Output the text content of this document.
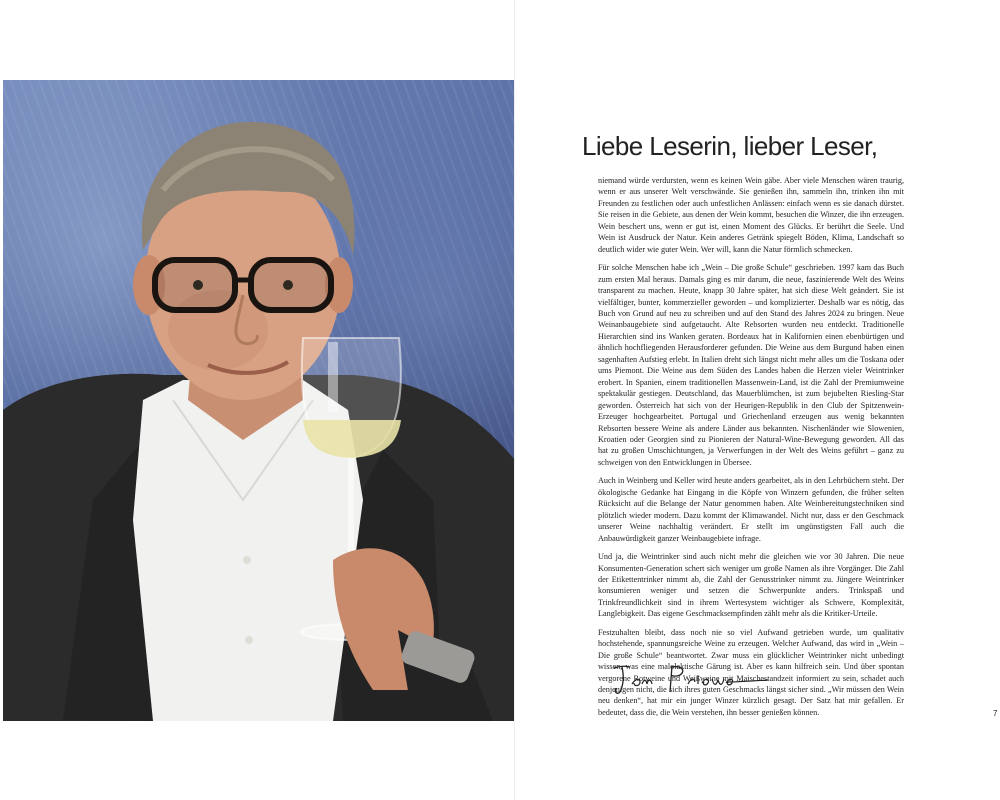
Liebe Leserin, lieber Leser,

niemand würde verdursten, wenn es keinen Wein gäbe. Aber viele Menschen wären traurig, wenn er aus unserer Welt verschwände. Sie genießen ihn, sammeln ihn, trinken ihn mit Freunden zu festlichen oder auch unfestlichen Anlässen: einfach wenn es sie danach dürstet. Sie reisen in die Gebiete, aus denen der Wein kommt, besuchen die Winzer, die ihn erzeugen. Wein beschert uns, wenn er gut ist, einen Moment des Glücks. Er berührt die Seele. Und Wein ist Ausdruck der Natur. Kein anderes Getränk spiegelt Böden, Klima, Landschaft so deutlich wider wie guter Wein. Wer will, kann die Natur förmlich schmecken.

Für solche Menschen habe ich „Wein – Die große Schule“ geschrieben. 1997 kam das Buch zum ersten Mal heraus. Damals ging es mir darum, die neue, faszinierende Welt des Weins transparent zu machen. Heute, knapp 30 Jahre später, hat sich diese Welt geändert. Sie ist vielfältiger, bunter, kommerzieller geworden – und komplizierter. Deshalb war es nötig, das Buch von Grund auf neu zu schreiben und auf den Stand des Jahres 2024 zu bringen. Neue Weinanbaugebiete sind aufgetaucht. Alte Rebsorten wurden neu entdeckt. Traditionelle Hierarchien sind ins Wanken geraten. Bordeaux hat in Kalifornien einen ebenbürtigen und ähnlich hochfliegenden Herausforderer gefunden. Die Weine aus dem Burgund haben einen sagenhaften Aufstieg erlebt. In Italien dreht sich längst nicht mehr alles um die Toskana oder ums Piemont. Die Weine aus dem Süden des Landes haben die Herzen vieler Weintrinker erobert. In Spanien, einem traditionellen Massenwein-Land, ist die Zahl der Premiumweine spektakulär gestiegen. Deutschland, das Mauerblümchen, ist zum bejubelten Riesling-Star geworden. Österreich hat sich von der Heurigen-Republik in den Club der Spitzenwein-Erzeuger hochgearbeitet. Portugal und Griechenland erzeugen aus wenig bekannten Rebsorten bessere Weine als andere Länder aus bekannten. Nischenländer wie Slowenien, Kroatien oder Georgien sind zu Pionieren der Natural-Wine-Bewegung geworden. All das hat zu großen Umschichtungen, ja Verwerfungen in der Welt des Weins geführt – ganz zu schweigen von den Entwicklungen in Übersee.

Auch in Weinberg und Keller wird heute anders gearbeitet, als in den Lehrbüchern steht. Der ökologische Gedanke hat Eingang in die Köpfe von Winzern gefunden, die früher selten Rücksicht auf die Belange der Natur genommen haben. Alte Weinbereitungstechniken sind plötzlich wieder modern. Dazu kommt der Klimawandel. Nicht nur, dass er den Geschmack unserer Weine nachhaltig verändert. Er stellt im ungünstigsten Fall auch die Anbauwürdigkeit ganzer Weinbaugebiete infrage.

Und ja, die Weintrinker sind auch nicht mehr die gleichen wie vor 30 Jahren. Die neue Konsumenten-Generation schert sich weniger um große Namen als ihre Vorgänger. Die Zahl der Etikettentrinker nimmt ab, die Zahl der Genusstrinker nimmt zu. Jüngere Weintrinker konsumieren weniger und setzen die Schwerpunkte anders. Trinkspaß und Trinkfreundlichkeit sind in ihrem Wertesystem wichtiger als Schwere, Komplexität, Langlebigkeit. Das eigene Geschmacksempfinden zählt mehr als die Kritiker-Urteile.

Festzuhalten bleibt, dass noch nie so viel Aufwand getrieben wurde, um qualitativ hochstehende, spannungsreiche Weine zu erzeugen. Welcher Aufwand, das wird in „Wein – Die große Schule“ beantwortet. Zwar muss ein glücklicher Weintrinker nicht unbedingt wissen, was eine malolaktische Gärung ist. Aber es kann hilfreich sein. Und über spontan vergorene Rotweine und Weißweine mit Maischestandzeit informiert zu sein, schadet auch denjenigen nicht, die sich ihres guten Geschmacks längst sicher sind. „Wir müssen den Wein neu denken“, hat mir ein junger Winzer kürzlich gesagt. Der Satz hat mir gefallen. Er bedeutet, dass die, die Wein verstehen, ihn besser genießen können.	7
